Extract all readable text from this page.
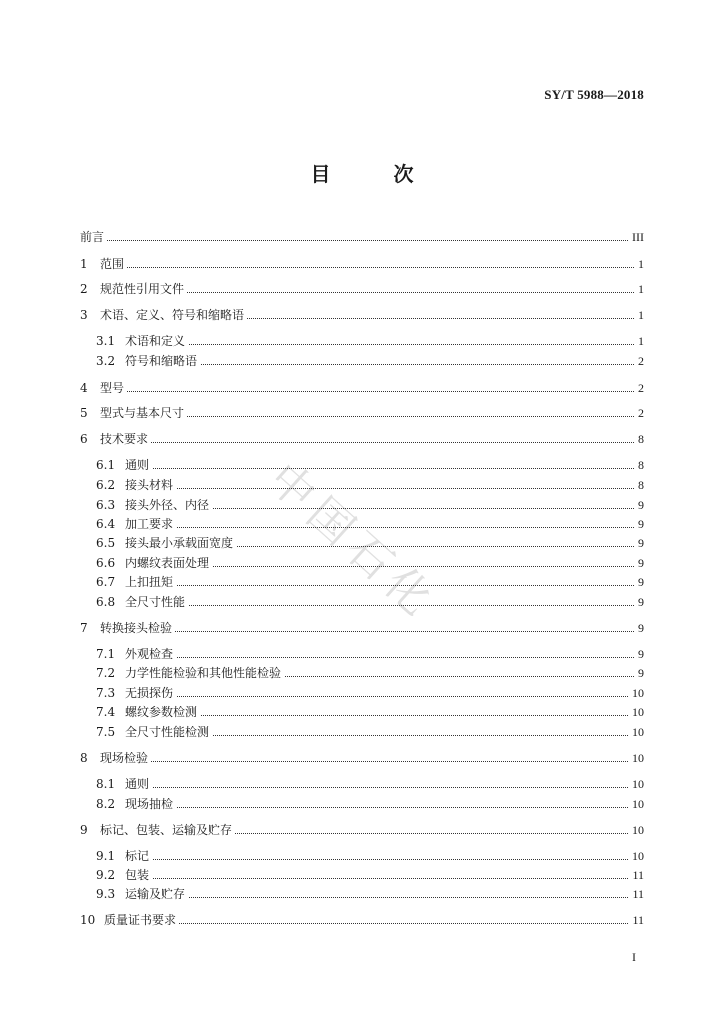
SY/T 5988—2018
目 次
中国石化
前言	III
1 范围	1
2 规范性引用文件	1
3 术语、定义、符号和缩略语	1
3.1 术语和定义	1
3.2 符号和缩略语	2
4 型号	2
5 型式与基本尺寸	2
6 技术要求	8
6.1 通则	8
6.2 接头材料	8
6.3 接头外径、内径	9
6.4 加工要求	9
6.5 接头最小承载面宽度	9
6.6 内螺纹表面处理	9
6.7 上扣扭矩	9
6.8 全尺寸性能	9
7 转换接头检验	9
7.1 外观检查	9
7.2 力学性能检验和其他性能检验	9
7.3 无损探伤	10
7.4 螺纹参数检测	10
7.5 全尺寸性能检测	10
8 现场检验	10
8.1 通则	10
8.2 现场抽检	10
9 标记、包装、运输及贮存	10
9.1 标记	10
9.2 包装	11
9.3 运输及贮存	11
10 质量证书要求	11
I
